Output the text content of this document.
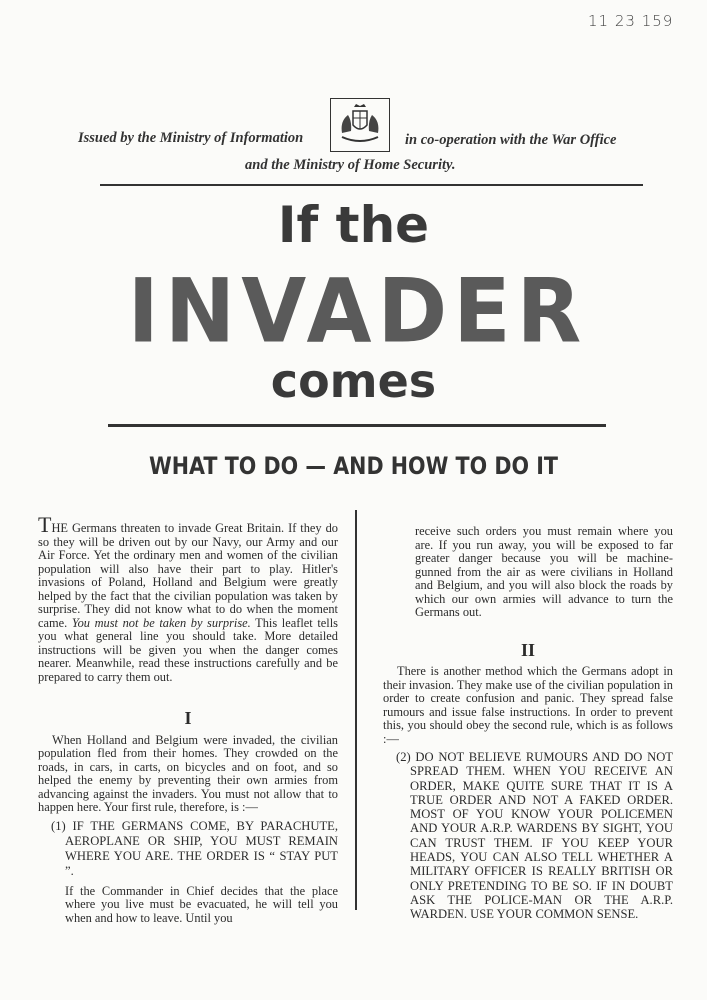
11 23 159
Issued by the Ministry of Information	in co-operation with the War Office
and the Ministry of Home Security.
If the
INVADER
comes
WHAT TO DO — AND HOW TO DO IT

THE Germans threaten to invade Great Britain. If they do so they will be driven out by our Navy, our Army and our Air Force. Yet the ordinary men and women of the civilian population will also have their part to play. Hitler's invasions of Poland, Holland and Belgium were greatly helped by the fact that the civilian population was taken by surprise. They did not know what to do when the moment came. You must not be taken by surprise. This leaflet tells you what general line you should take. More detailed instructions will be given you when the danger comes nearer. Meanwhile, read these instructions carefully and be prepared to carry them out.

I

When Holland and Belgium were invaded, the civilian population fled from their homes. They crowded on the roads, in cars, in carts, on bicycles and on foot, and so helped the enemy by preventing their own armies from advancing against the invaders. You must not allow that to happen here. Your first rule, therefore, is :—

(1) IF THE GERMANS COME, BY PARACHUTE, AEROPLANE OR SHIP, YOU MUST REMAIN WHERE YOU ARE. THE ORDER IS “ STAY PUT ”.

If the Commander in Chief decides that the place where you live must be evacuated, he will tell you when and how to leave. Until you

receive such orders you must remain where you are. If you run away, you will be exposed to far greater danger because you will be machine-gunned from the air as were civilians in Holland and Belgium, and you will also block the roads by which our own armies will advance to turn the Germans out.

II

There is another method which the Germans adopt in their invasion. They make use of the civilian population in order to create confusion and panic. They spread false rumours and issue false instructions. In order to prevent this, you should obey the second rule, which is as follows :—

(2) DO NOT BELIEVE RUMOURS AND DO NOT SPREAD THEM. WHEN YOU RECEIVE AN ORDER, MAKE QUITE SURE THAT IT IS A TRUE ORDER AND NOT A FAKED ORDER. MOST OF YOU KNOW YOUR POLICEMEN AND YOUR A.R.P. WARDENS BY SIGHT, YOU CAN TRUST THEM. IF YOU KEEP YOUR HEADS, YOU CAN ALSO TELL WHETHER A MILITARY OFFICER IS REALLY BRITISH OR ONLY PRETENDING TO BE SO. IF IN DOUBT ASK THE POLICE-MAN OR THE A.R.P. WARDEN. USE YOUR COMMON SENSE.
